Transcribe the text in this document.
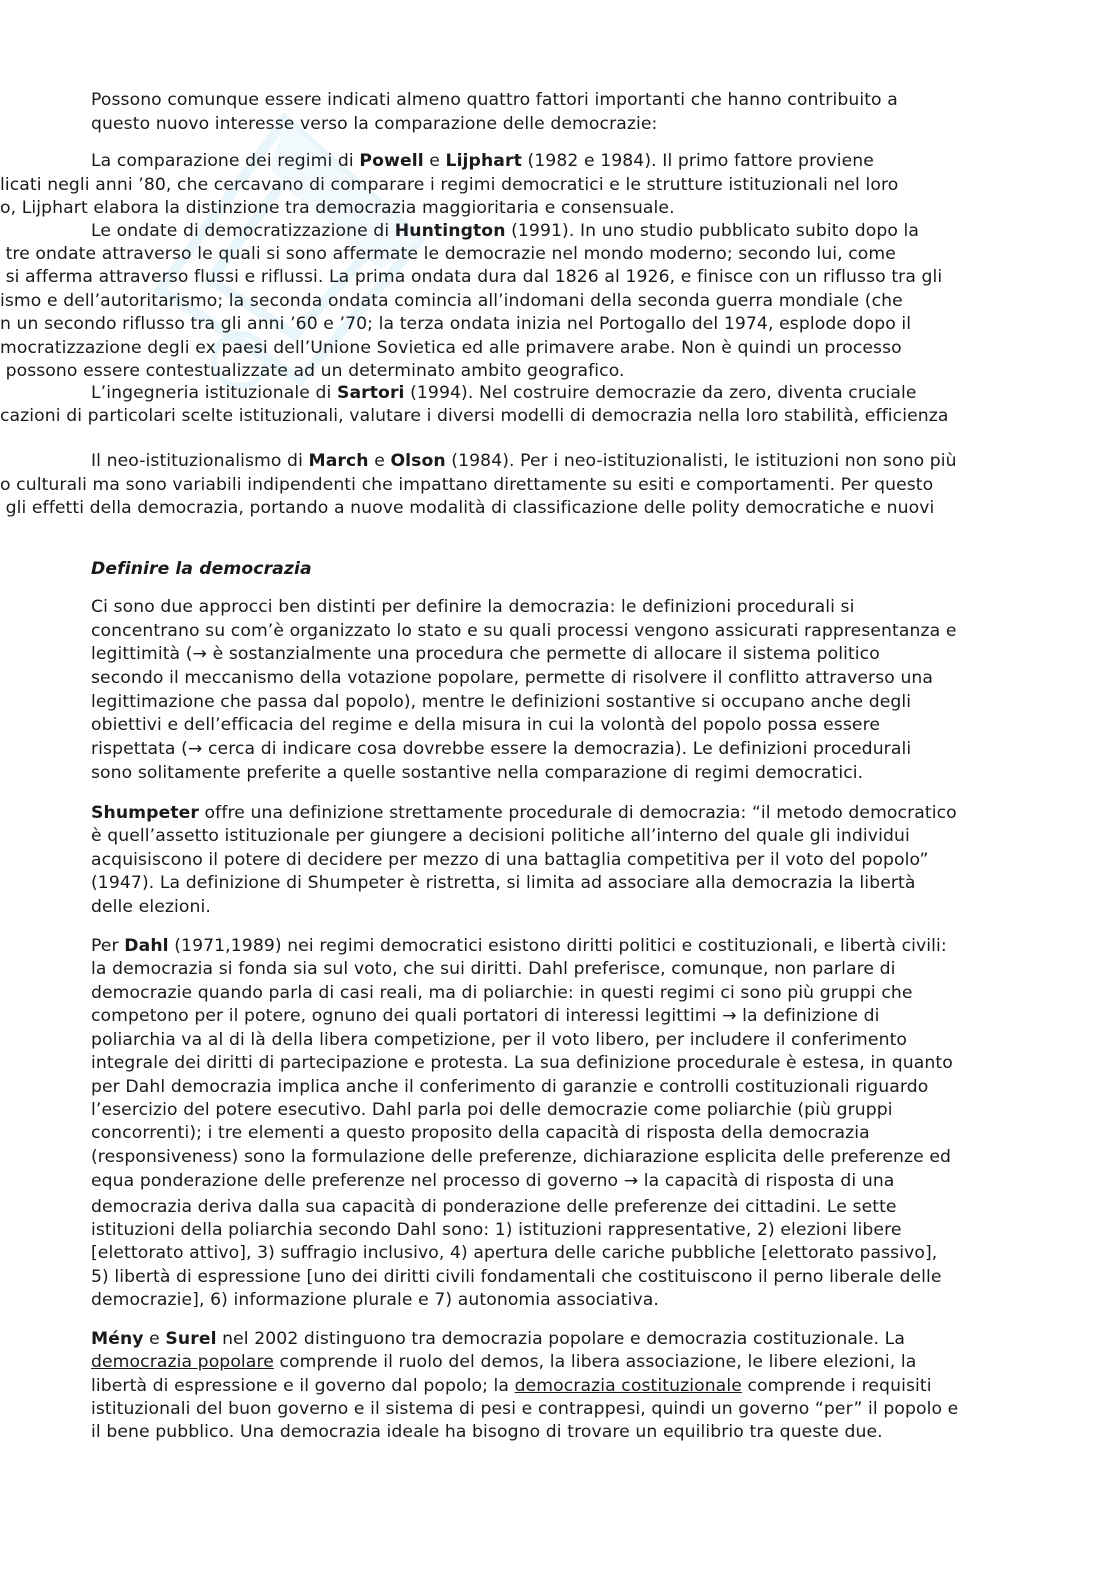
Possono comunque essere indicati almeno quattro fattori importanti che hanno contribuito a
questo nuovo interesse verso la comparazione delle democrazie:
La comparazione dei regimi di Powell e Lijphart (1982 e 1984). Il primo fattore proviene
licati negli anni ’80, che cercavano di comparare i regimi democratici e le strutture istituzionali nel loro
o, Lijphart elabora la distinzione tra democrazia maggioritaria e consensuale.
Le ondate di democratizzazione di Huntington (1991). In uno studio pubblicato subito dopo la
tre ondate attraverso le quali si sono affermate le democrazie nel mondo moderno; secondo lui, come
si afferma attraverso flussi e riflussi. La prima ondata dura dal 1826 al 1926, e finisce con un riflusso tra gli
ismo e dell’autoritarismo; la seconda ondata comincia all’indomani della seconda guerra mondiale (che
n un secondo riflusso tra gli anni ’60 e ’70; la terza ondata inizia nel Portogallo del 1974, esplode dopo il
mocratizzazione degli ex paesi dell’Unione Sovietica ed alle primavere arabe. Non è quindi un processo
possono essere contestualizzate ad un determinato ambito geografico.
L’ingegneria istituzionale di Sartori (1994). Nel costruire democrazie da zero, diventa cruciale
cazioni di particolari scelte istituzionali, valutare i diversi modelli di democrazia nella loro stabilità, efficienza
Il neo-istituzionalismo di March e Olson (1984). Per i neo-istituzionalisti, le istituzioni non sono più
o culturali ma sono variabili indipendenti che impattano direttamente su esiti e comportamenti. Per questo
gli effetti della democrazia, portando a nuove modalità di classificazione delle polity democratiche e nuovi
Definire la democrazia
Ci sono due approcci ben distinti per definire la democrazia: le definizioni procedurali si
concentrano su com’è organizzato lo stato e su quali processi vengono assicurati rappresentanza e
legittimità (→ è sostanzialmente una procedura che permette di allocare il sistema politico
secondo il meccanismo della votazione popolare, permette di risolvere il conflitto attraverso una
legittimazione che passa dal popolo), mentre le definizioni sostantive si occupano anche degli
obiettivi e dell’efficacia del regime e della misura in cui la volontà del popolo possa essere
rispettata (→ cerca di indicare cosa dovrebbe essere la democrazia). Le definizioni procedurali
sono solitamente preferite a quelle sostantive nella comparazione di regimi democratici.
Shumpeter offre una definizione strettamente procedurale di democrazia: “il metodo democratico
è quell’assetto istituzionale per giungere a decisioni politiche all’interno del quale gli individui
acquisiscono il potere di decidere per mezzo di una battaglia competitiva per il voto del popolo”
(1947). La definizione di Shumpeter è ristretta, si limita ad associare alla democrazia la libertà
delle elezioni.
Per Dahl (1971,1989) nei regimi democratici esistono diritti politici e costituzionali, e libertà civili:
la democrazia si fonda sia sul voto, che sui diritti. Dahl preferisce, comunque, non parlare di
democrazie quando parla di casi reali, ma di poliarchie: in questi regimi ci sono più gruppi che
competono per il potere, ognuno dei quali portatori di interessi legittimi → la definizione di
poliarchia va al di là della libera competizione, per il voto libero, per includere il conferimento
integrale dei diritti di partecipazione e protesta. La sua definizione procedurale è estesa, in quanto
per Dahl democrazia implica anche il conferimento di garanzie e controlli costituzionali riguardo
l’esercizio del potere esecutivo. Dahl parla poi delle democrazie come poliarchie (più gruppi
concorrenti); i tre elementi a questo proposito della capacità di risposta della democrazia
(responsiveness) sono la formulazione delle preferenze, dichiarazione esplicita delle preferenze ed
equa ponderazione delle preferenze nel processo di governo → la capacità di risposta di una
democrazia deriva dalla sua capacità di ponderazione delle preferenze dei cittadini. Le sette
istituzioni della poliarchia secondo Dahl sono: 1) istituzioni rappresentative, 2) elezioni libere
[elettorato attivo], 3) suffragio inclusivo, 4) apertura delle cariche pubbliche [elettorato passivo],
5) libertà di espressione [uno dei diritti civili fondamentali che costituiscono il perno liberale delle
democrazie], 6) informazione plurale e 7) autonomia associativa.
Mény e Surel nel 2002 distinguono tra democrazia popolare e democrazia costituzionale. La
democrazia popolare comprende il ruolo del demos, la libera associazione, le libere elezioni, la
libertà di espressione e il governo dal popolo; la democrazia costituzionale comprende i requisiti
istituzionali del buon governo e il sistema di pesi e contrappesi, quindi un governo “per” il popolo e
il bene pubblico. Una democrazia ideale ha bisogno di trovare un equilibrio tra queste due.
